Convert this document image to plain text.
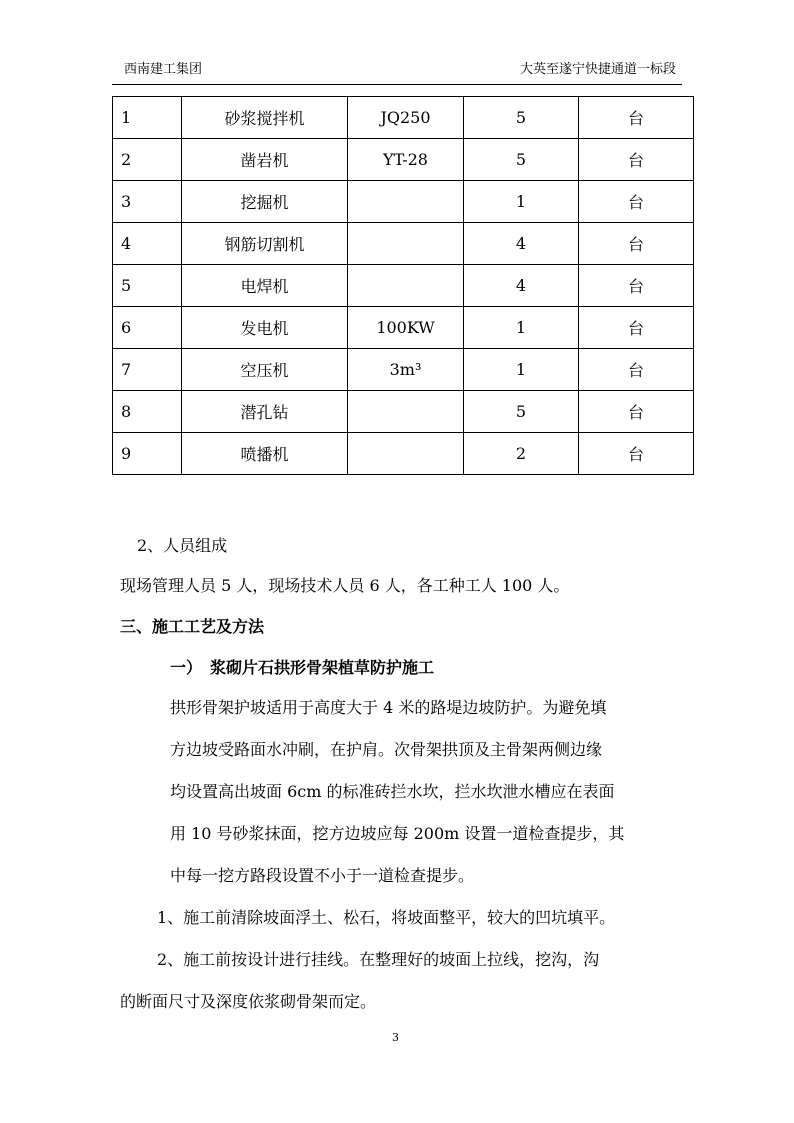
西南建工集团	大英至遂宁快捷通道一标段
1	砂浆搅拌机	JQ250	5	台
2	凿岩机	YT-28	5	台
3	挖掘机		1	台
4	钢筋切割机		4	台
5	电焊机		4	台
6	发电机	100KW	1	台
7	空压机	3m³	1	台
8	潜孔钻		5	台
9	喷播机		2	台
2、人员组成
现场管理人员 5 人，现场技术人员 6 人，各工种工人 100 人。
三、施工工艺及方法
一）　浆砌片石拱形骨架植草防护施工
拱形骨架护坡适用于高度大于 4 米的路堤边坡防护。为避免填
方边坡受路面水冲刷，在护肩。次骨架拱顶及主骨架两侧边缘
均设置高出坡面 6cm 的标准砖拦水坎，拦水坎泄水槽应在表面
用 10 号砂浆抹面，挖方边坡应每 200m 设置一道检查提步，其
中每一挖方路段设置不小于一道检查提步。
1、施工前清除坡面浮土、松石，将坡面整平，较大的凹坑填平。
2、施工前按设计进行挂线。在整理好的坡面上拉线，挖沟，沟
的断面尺寸及深度依浆砌骨架而定。
3
